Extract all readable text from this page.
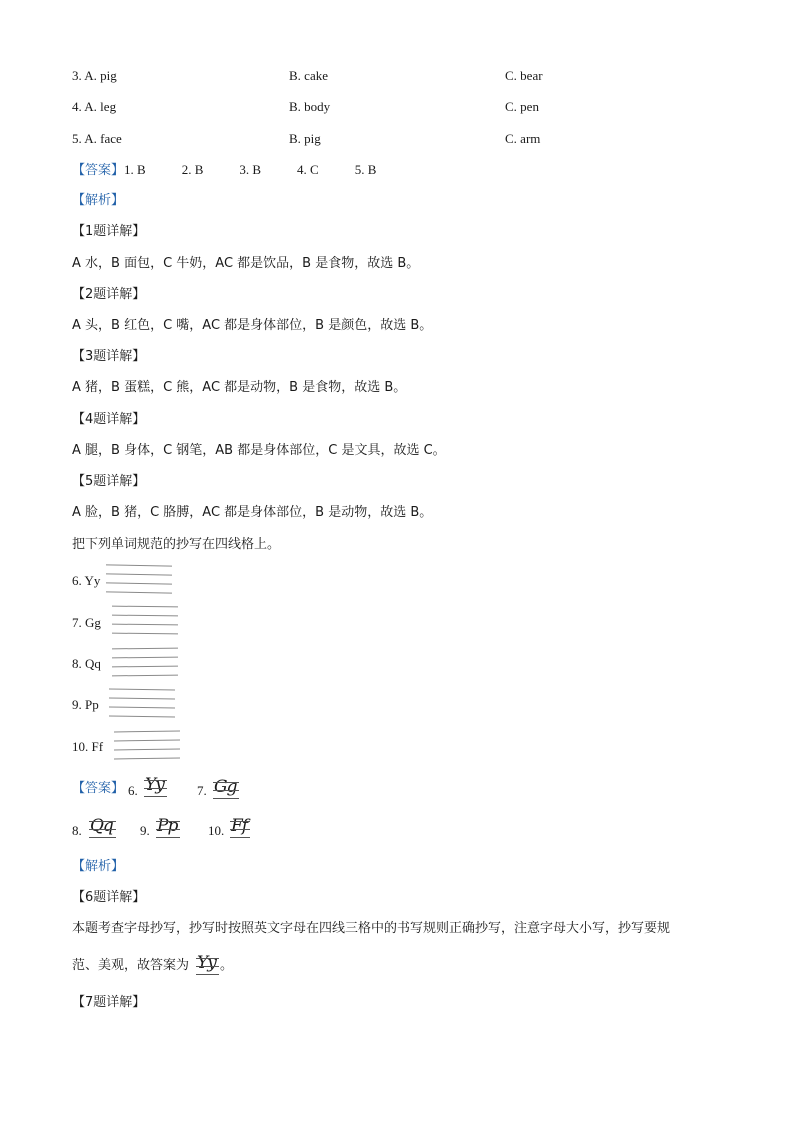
3. A. pig	B. cake	C. bear
4. A. leg	B. body	C. pen
5. A. face	B. pig	C. arm
【答案】1. B	2. B	3. B	4. C	5. B
【解析】
【1题详解】
A 水，B 面包，C 牛奶，AC 都是饮品，B 是食物，故选 B。
【2题详解】
A 头，B 红色，C 嘴，AC 都是身体部位，B 是颜色，故选 B。
【3题详解】
A 猪，B 蛋糕，C 熊，AC 都是动物，B 是食物，故选 B。
【4题详解】
A 腿，B 身体，C 钢笔，AB 都是身体部位，C 是文具，故选 C。
【5题详解】
A 脸，B 猪，C 胳膊，AC 都是身体部位，B 是动物，故选 B。
把下列单词规范的抄写在四线格上。
6. Yy
7. Gg
8. Qq
9. Pp
10. Ff
【答案】 6. Yy	7. Gg
8. Qq 9. Pp 10. Ff
【解析】
【6题详解】
本题考查字母抄写，抄写时按照英文字母在四线三格中的书写规则正确抄写，注意字母大小写，抄写要规
范、美观，故答案为 Yy 。
【7题详解】
